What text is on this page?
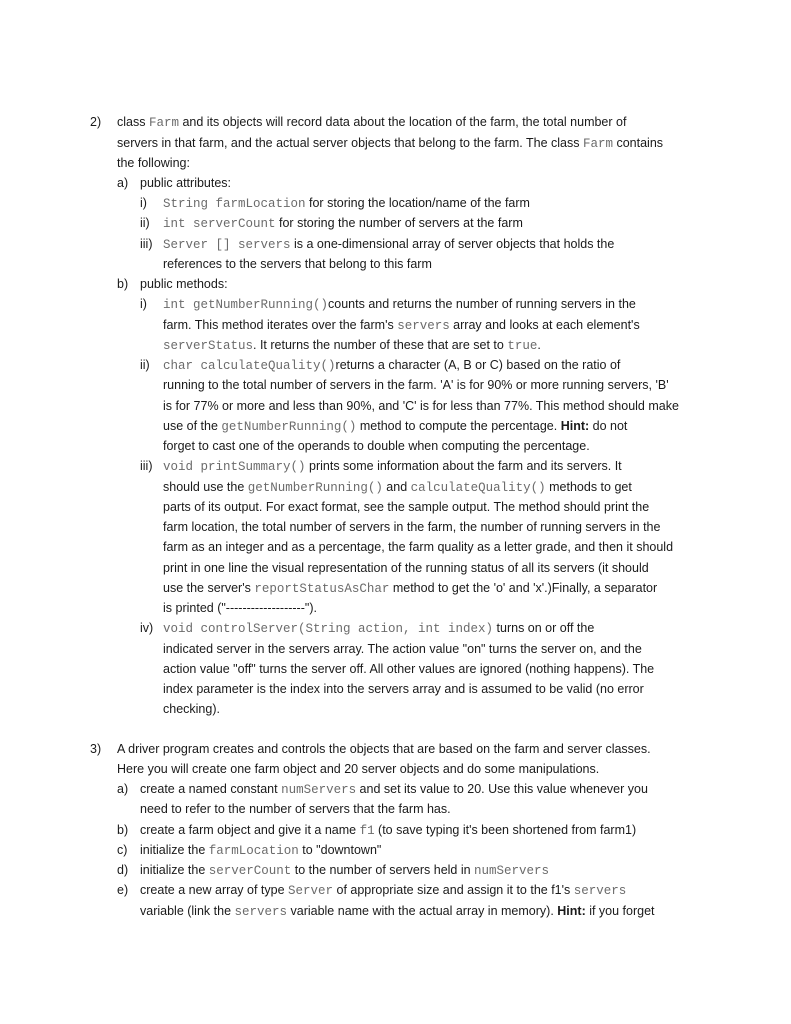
2) class Farm and its objects will record data about the location of the farm, the total number of
servers in that farm, and the actual server objects that belong to the farm. The class Farm contains
the following:
a) public attributes:
i) String farmLocation for storing the location/name of the farm
ii) int serverCount for storing the number of servers at the farm
iii) Server [] servers is a one-dimensional array of server objects that holds the
references to the servers that belong to this farm
b) public methods:
i) int getNumberRunning()counts and returns the number of running servers in the
farm. This method iterates over the farm's servers array and looks at each element's
serverStatus. It returns the number of these that are set to true.
ii) char calculateQuality()returns a character (A, B or C) based on the ratio of
running to the total number of servers in the farm. 'A' is for 90% or more running servers, 'B'
is for 77% or more and less than 90%, and 'C' is for less than 77%. This method should make
use of the getNumberRunning() method to compute the percentage. Hint: do not
forget to cast one of the operands to double when computing the percentage.
iii) void printSummary() prints some information about the farm and its servers. It
should use the getNumberRunning() and calculateQuality() methods to get
parts of its output. For exact format, see the sample output. The method should print the
farm location, the total number of servers in the farm, the number of running servers in the
farm as an integer and as a percentage, the farm quality as a letter grade, and then it should
print in one line the visual representation of the running status of all its servers (it should
use the server's reportStatusAsChar method to get the 'o' and 'x'.)Finally, a separator
is printed ("-------------------").
iv) void controlServer(String action, int index) turns on or off the
indicated server in the servers array. The action value "on" turns the server on, and the
action value "off" turns the server off. All other values are ignored (nothing happens). The
index parameter is the index into the servers array and is assumed to be valid (no error
checking).
3) A driver program creates and controls the objects that are based on the farm and server classes.
Here you will create one farm object and 20 server objects and do some manipulations.
a) create a named constant numServers and set its value to 20. Use this value whenever you
need to refer to the number of servers that the farm has.
b) create a farm object and give it a name f1 (to save typing it's been shortened from farm1)
c) initialize the farmLocation to "downtown"
d) initialize the serverCount to the number of servers held in numServers
e) create a new array of type Server of appropriate size and assign it to the f1's servers
variable (link the servers variable name with the actual array in memory). Hint: if you forget
